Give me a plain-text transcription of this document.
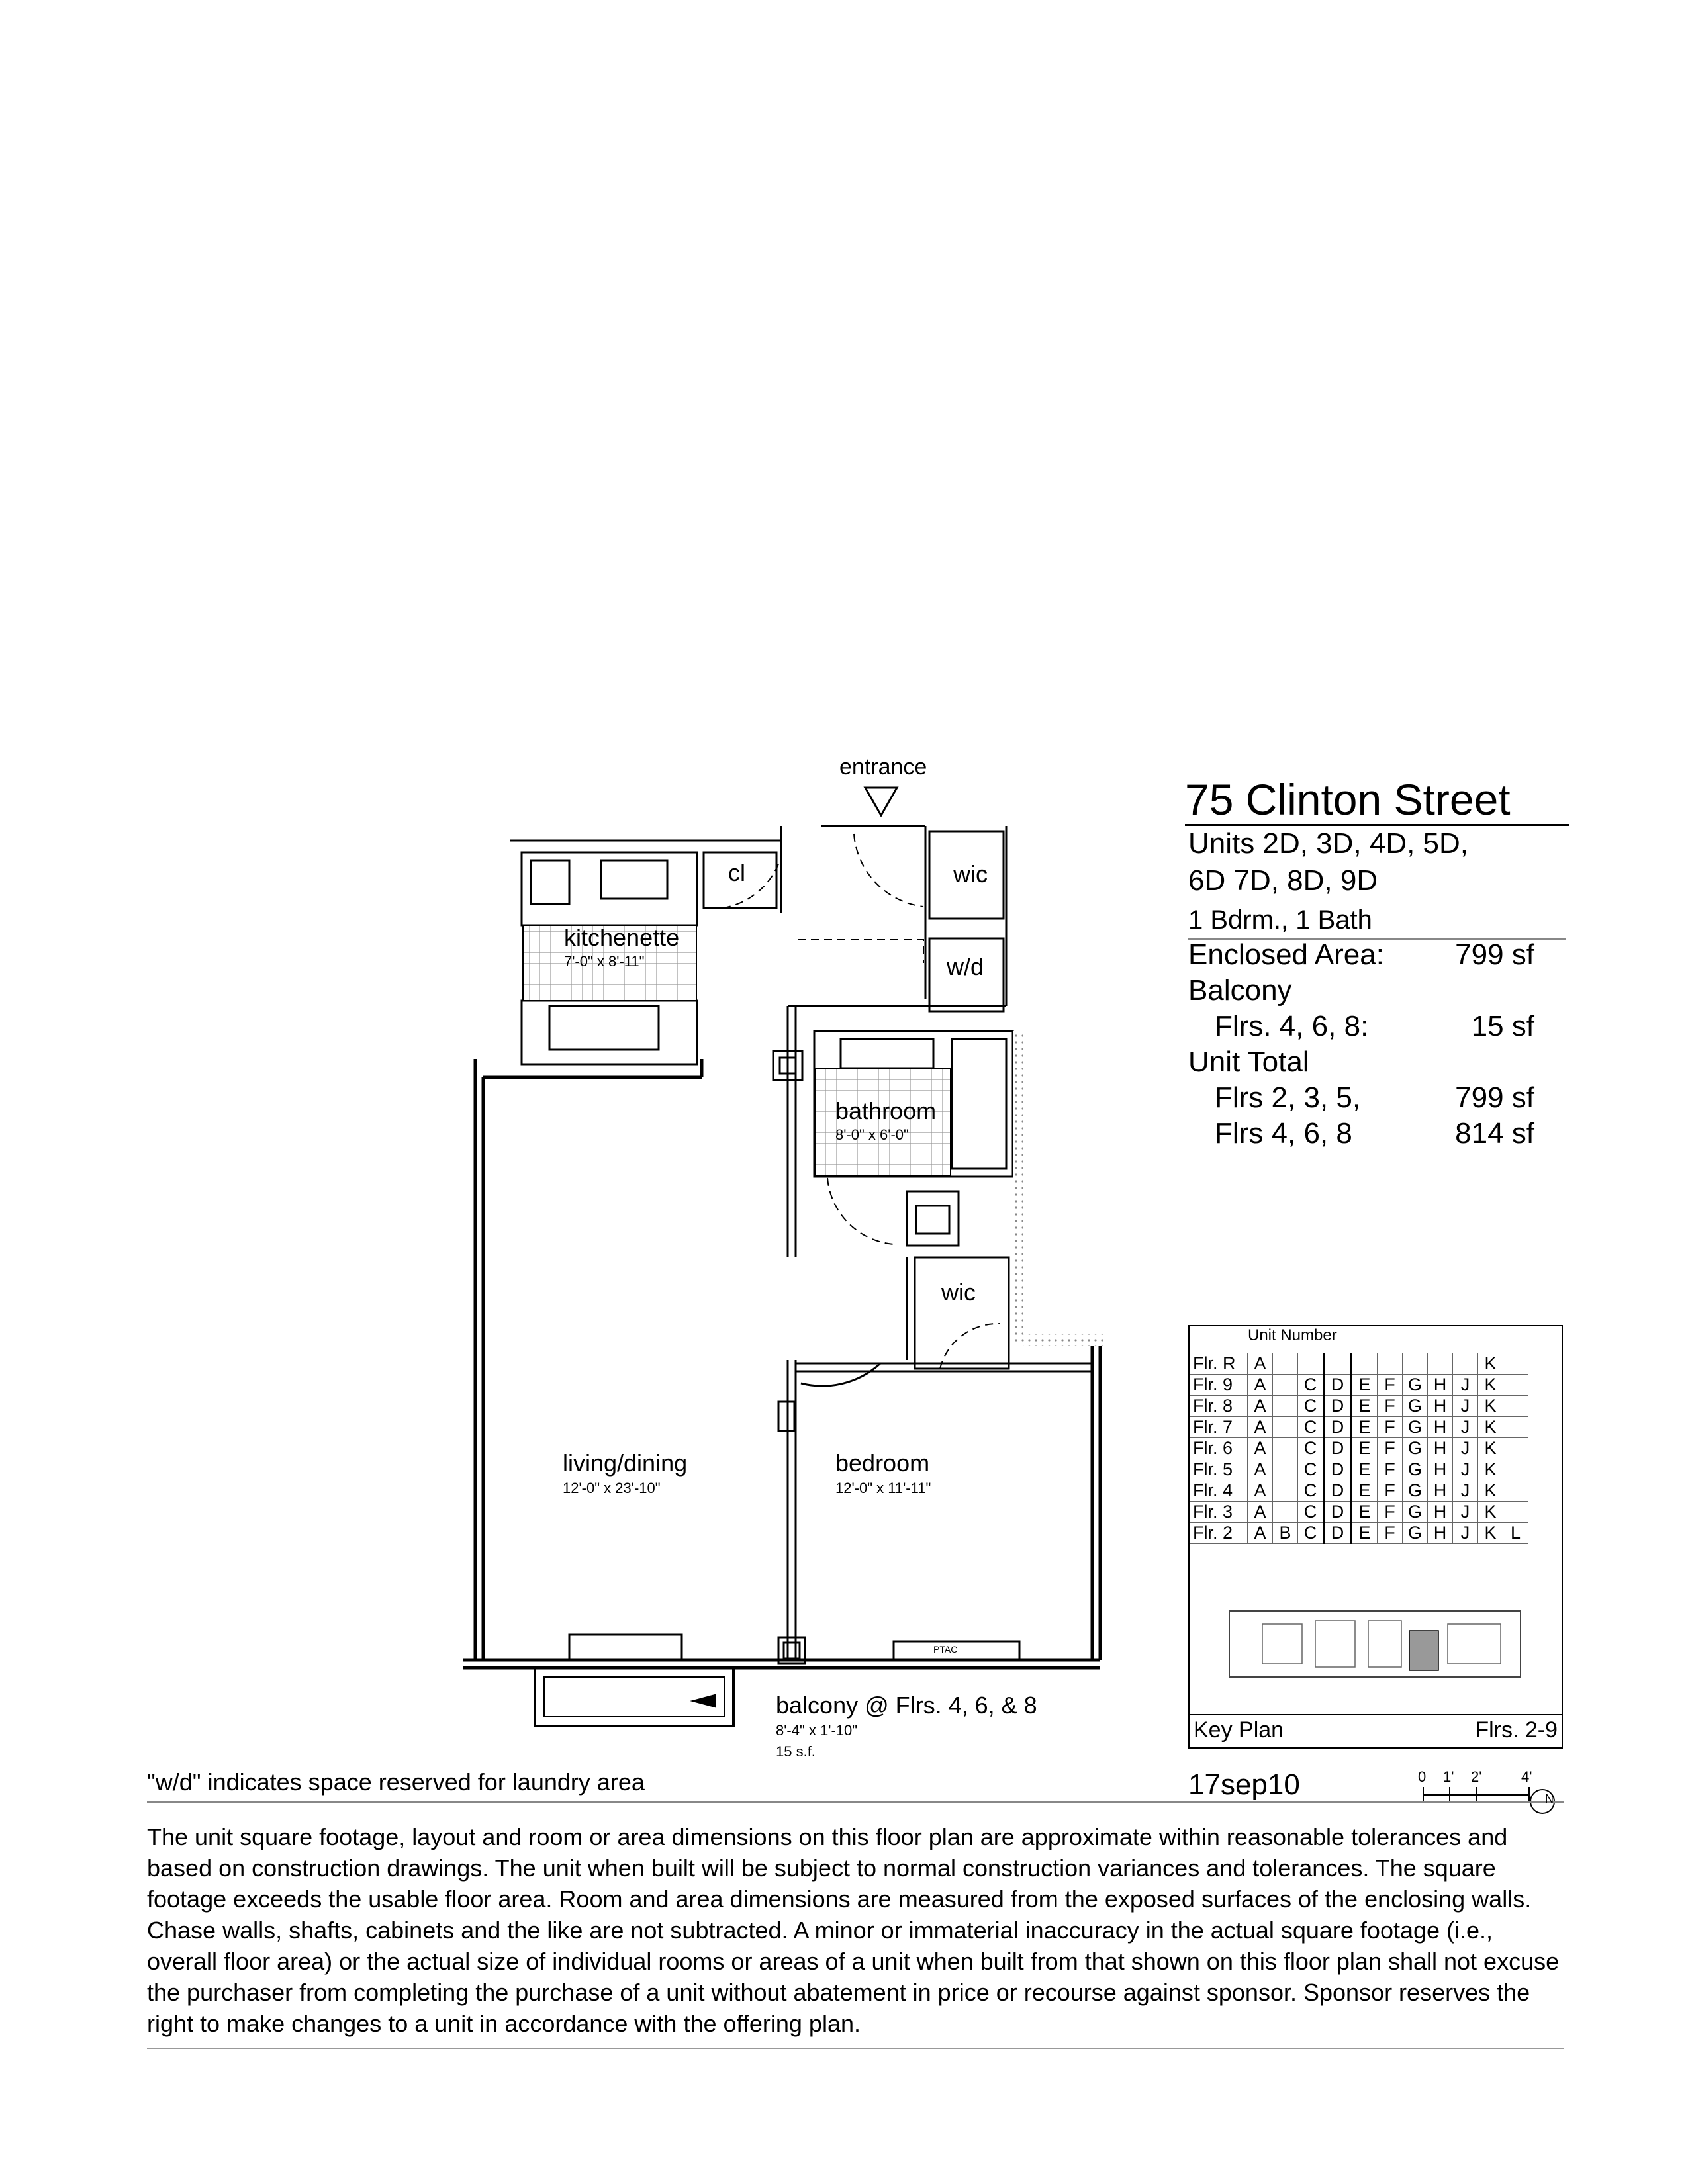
entrance
cl	wic
w/d
kitchenette
7'-0" x 8'-11"
bathroom
8'-0" x 6'-0"
wic
living/dining
12'-0" x 23'-10"
bedroom
12'-0" x 11'-11"
PTAC
balcony @ Flrs. 4, 6, & 8
8'-4" x 1'-10"
15 s.f.
75 Clinton Street
Units 2D, 3D, 4D, 5D,
6D 7D, 8D, 9D
1 Bdrm., 1 Bath
Enclosed Area:	799 sf
Balcony
Flrs. 4, 6, 8:	15 sf
Unit Total
Flrs 2, 3, 5,	799 sf
Flrs 4, 6, 8	814 sf
Unit Number
Flr. R	A									K	
Flr. 9	A		C	D	E	F	G	H	J	K	
Flr. 8	A		C	D	E	F	G	H	J	K	
Flr. 7	A		C	D	E	F	G	H	J	K	
Flr. 6	A		C	D	E	F	G	H	J	K	
Flr. 5	A		C	D	E	F	G	H	J	K	
Flr. 4	A		C	D	E	F	G	H	J	K	
Flr. 3	A		C	D	E	F	G	H	J	K	
Flr. 2	A	B	C	D	E	F	G	H	J	K	L
Key Plan	Flrs. 2-9
"w/d" indicates space reserved for laundry area	17sep10	0 1' 2'	4'
N
The unit square footage, layout and room or area dimensions on this floor plan are approximate within reasonable tolerances and based on construction drawings. The unit when built will be subject to normal construction variances and tolerances. The square footage exceeds the usable floor area. Room and area dimensions are measured from the exposed surfaces of the enclosing walls. Chase walls, shafts, cabinets and the like are not subtracted. A minor or immaterial inaccuracy in the actual square footage (i.e., overall floor area) or the actual size of individual rooms or areas of a unit when built from that shown on this floor plan shall not excuse the purchaser from completing the purchase of a unit without abatement in price or recourse against sponsor. Sponsor reserves the right to make changes to a unit in accordance with the offering plan.
